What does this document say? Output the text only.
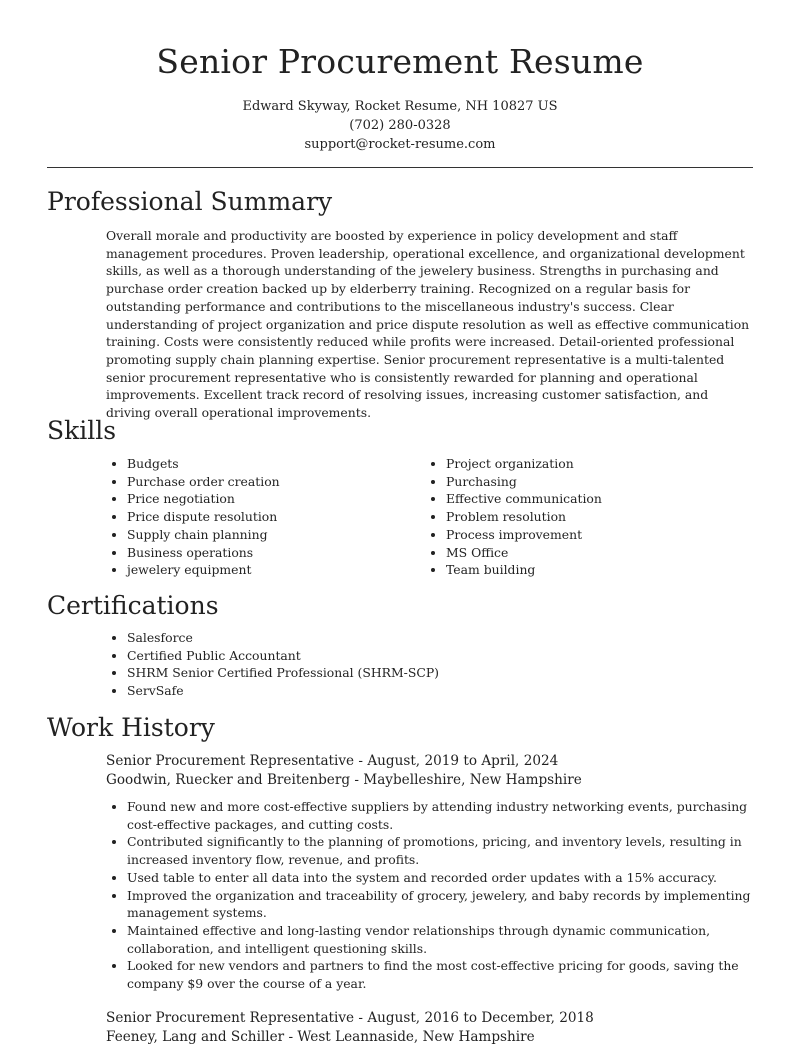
Senior Procurement Resume

Edward Skyway, Rocket Resume, NH 10827 US

(702) 280-0328

support@rocket-resume.com

Professional Summary

Overall morale and productivity are boosted by experience in policy development and staff management procedures. Proven leadership, operational excellence, and organizational development skills, as well as a thorough understanding of the jewelery business. Strengths in purchasing and purchase order creation backed up by elderberry training. Recognized on a regular basis for outstanding performance and contributions to the miscellaneous industry's success. Clear understanding of project organization and price dispute resolution as well as effective communication training. Costs were consistently reduced while profits were increased. Detail-oriented professional promoting supply chain planning expertise. Senior procurement representative is a multi-talented senior procurement representative who is consistently rewarded for planning and operational improvements. Excellent track record of resolving issues, increasing customer satisfaction, and driving overall operational improvements.

Skills
• Budgets
• Purchase order creation
• Price negotiation
• Price dispute resolution
• Supply chain planning
• Business operations
• jewelery equipment
• Project organization
• Purchasing
• Effective communication
• Problem resolution
• Process improvement
• MS Office
• Team building
Certifications
• Salesforce
• Certified Public Accountant
• SHRM Senior Certified Professional (SHRM-SCP)
• ServSafe
Work History

Senior Procurement Representative - August, 2019 to April, 2024

Goodwin, Ruecker and Breitenberg - Maybelleshire, New Hampshire

• Found new and more cost-effective suppliers by attending industry networking events, purchasing cost-effective packages, and cutting costs.
• Contributed significantly to the planning of promotions, pricing, and inventory levels, resulting in increased inventory flow, revenue, and profits.
• Used table to enter all data into the system and recorded order updates with a 15% accuracy.
• Improved the organization and traceability of grocery, jewelery, and baby records by implementing management systems.
• Maintained effective and long-lasting vendor relationships through dynamic communication, collaboration, and intelligent questioning skills.
• Looked for new vendors and partners to find the most cost-effective pricing for goods, saving the company $9 over the course of a year.

Senior Procurement Representative - August, 2016 to December, 2018

Feeney, Lang and Schiller - West Leannaside, New Hampshire
